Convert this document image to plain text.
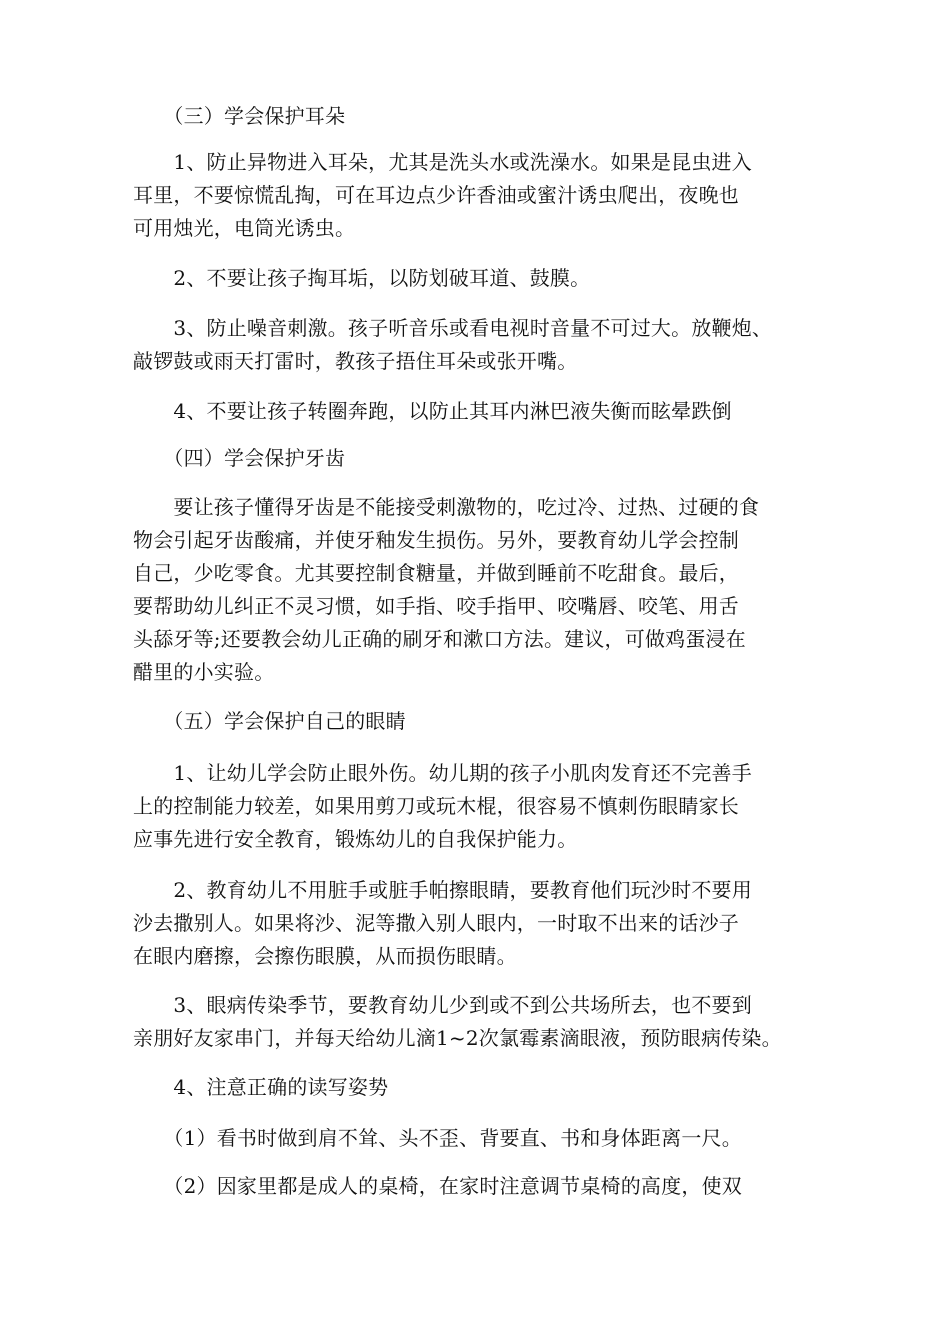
　　（三）学会保护耳朵

　　1、防止异物进入耳朵，尤其是洗头水或洗澡水。如果是昆虫进入
耳里，不要惊慌乱掏，可在耳边点少许香油或蜜汁诱虫爬出，夜晚也
可用烛光，电筒光诱虫。

　　2、不要让孩子掏耳垢，以防划破耳道、鼓膜。

　　3、防止噪音刺激。孩子听音乐或看电视时音量不可过大。放鞭炮、
敲锣鼓或雨天打雷时，教孩子捂住耳朵或张开嘴。

　　4、不要让孩子转圈奔跑，以防止其耳内淋巴液失衡而眩晕跌倒

　　（四）学会保护牙齿

　　要让孩子懂得牙齿是不能接受刺激物的，吃过冷、过热、过硬的食
物会引起牙齿酸痛，并使牙釉发生损伤。另外，要教育幼儿学会控制
自己，少吃零食。尤其要控制食糖量，并做到睡前不吃甜食。最后，
要帮助幼儿纠正不灵习惯，如手指、咬手指甲、咬嘴唇、咬笔、用舌
头舔牙等;还要教会幼儿正确的刷牙和漱口方法。建议，可做鸡蛋浸在
醋里的小实验。

　　（五）学会保护自己的眼睛

　　1、让幼儿学会防止眼外伤。幼儿期的孩子小肌肉发育还不完善手
上的控制能力较差，如果用剪刀或玩木棍，很容易不慎刺伤眼睛家长
应事先进行安全教育，锻炼幼儿的自我保护能力。

　　2、教育幼儿不用脏手或脏手帕擦眼睛，要教育他们玩沙时不要用
沙去撒别人。如果将沙、泥等撒入别人眼内，一时取不出来的话沙子
在眼内磨擦，会擦伤眼膜，从而损伤眼睛。

　　3、眼病传染季节，要教育幼儿少到或不到公共场所去，也不要到
亲朋好友家串门，并每天给幼儿滴1~2次氯霉素滴眼液，预防眼病传染。

　　4、注意正确的读写姿势

　　（1）看书时做到肩不耸、头不歪、背要直、书和身体距离一尺。

　　（2）因家里都是成人的桌椅，在家时注意调节桌椅的高度，使双
